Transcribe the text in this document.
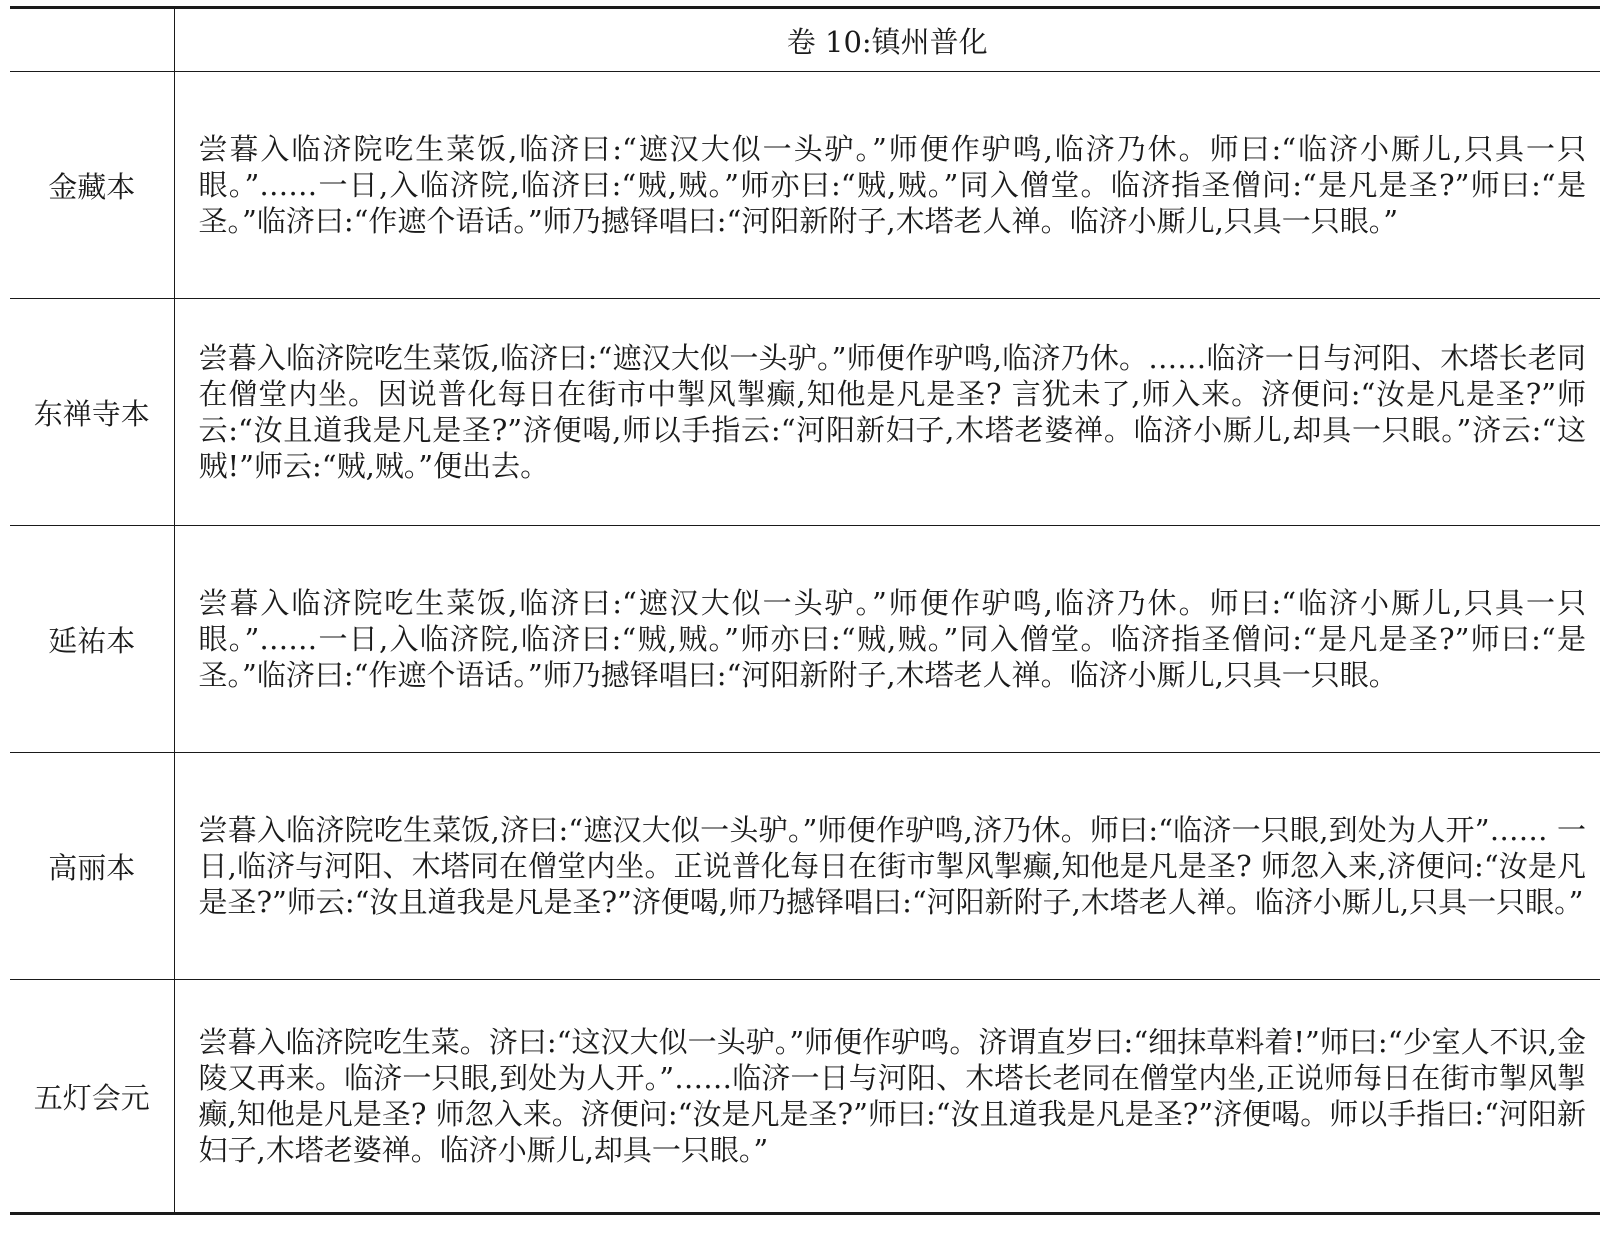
	卷 10:镇州普化
金藏本	尝暮入临济院吃生菜饭,临济曰:“遮汉大似一头驴。”师便作驴鸣,临济乃休。师曰:“临济小厮儿,只具一只眼。”……一日,入临济院,临济曰:“贼,贼。”师亦曰:“贼,贼。”同入僧堂。临济指圣僧问:“是凡是圣?”师曰:“是圣。”临济曰:“作遮个语话。”师乃撼铎唱曰:“河阳新附子,木塔老人禅。临济小厮儿,只具一只眼。”
东禅寺本	尝暮入临济院吃生菜饭,临济曰:“遮汉大似一头驴。”师便作驴鸣,临济乃休。……临济一日与河阳、木塔长老同在僧堂内坐。因说普化每日在街市中掣风掣癫,知他是凡是圣? 言犹未了,师入来。济便问:“汝是凡是圣?”师云:“汝且道我是凡是圣?”济便喝,师以手指云:“河阳新妇子,木塔老婆禅。临济小厮儿,却具一只眼。”济云:“这贼!”师云:“贼,贼。”便出去。
延祐本	尝暮入临济院吃生菜饭,临济曰:“遮汉大似一头驴。”师便作驴鸣,临济乃休。师曰:“临济小厮儿,只具一只眼。”……一日,入临济院,临济曰:“贼,贼。”师亦曰:“贼,贼。”同入僧堂。临济指圣僧问:“是凡是圣?”师曰:“是圣。”临济曰:“作遮个语话。”师乃撼铎唱曰:“河阳新附子,木塔老人禅。临济小厮儿,只具一只眼。
高丽本	尝暮入临济院吃生菜饭,济曰:“遮汉大似一头驴。”师便作驴鸣,济乃休。师曰:“临济一只眼,到处为人开”…… 一日,临济与河阳、木塔同在僧堂内坐。正说普化每日在街市掣风掣癫,知他是凡是圣? 师忽入来,济便问:“汝是凡是圣?”师云:“汝且道我是凡是圣?”济便喝,师乃撼铎唱曰:“河阳新附子,木塔老人禅。临济小厮儿,只具一只眼。”
五灯会元	尝暮入临济院吃生菜。济曰:“这汉大似一头驴。”师便作驴鸣。济谓直岁曰:“细抹草料着!”师曰:“少室人不识,金陵又再来。临济一只眼,到处为人开。”……临济一日与河阳、木塔长老同在僧堂内坐,正说师每日在街市掣风掣癫,知他是凡是圣? 师忽入来。济便问:“汝是凡是圣?”师曰:“汝且道我是凡是圣?”济便喝。师以手指曰:“河阳新妇子,木塔老婆禅。临济小厮儿,却具一只眼。”
